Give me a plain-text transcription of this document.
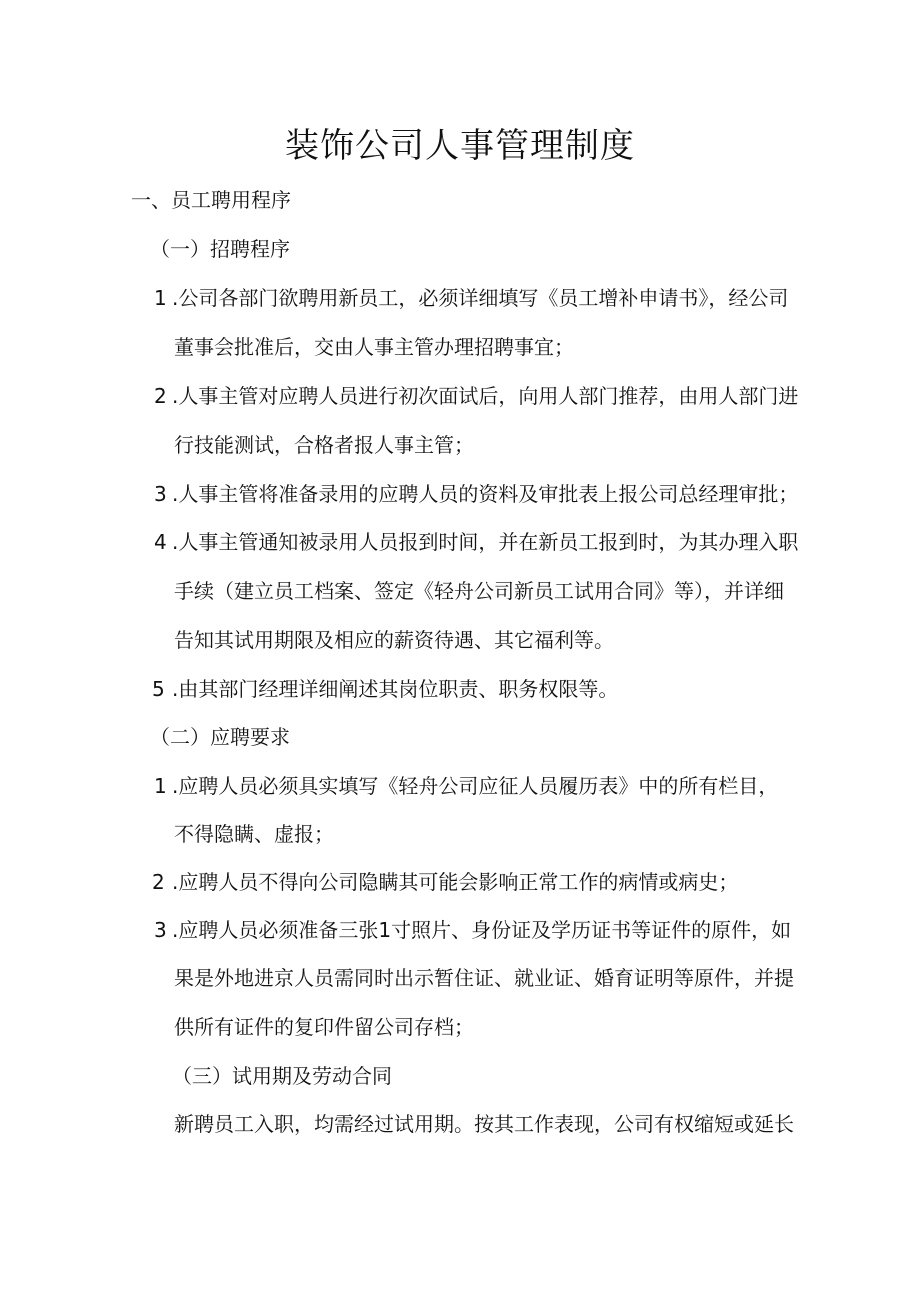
装饰公司人事管理制度
一、员工聘用程序
（一）招聘程序
1 .公司各部门欲聘用新员工，必须详细填写《员工增补申请书》，经公司
董事会批准后，交由人事主管办理招聘事宜；
2 .人事主管对应聘人员进行初次面试后，向用人部门推荐，由用人部门进
行技能测试，合格者报人事主管；
3 .人事主管将准备录用的应聘人员的资料及审批表上报公司总经理审批；
4 .人事主管通知被录用人员报到时间，并在新员工报到时，为其办理入职
手续（建立员工档案、签定《轻舟公司新员工试用合同》等），并详细
告知其试用期限及相应的薪资待遇、其它福利等。
5 .由其部门经理详细阐述其岗位职责、职务权限等。
（二）应聘要求
1 .应聘人员必须具实填写《轻舟公司应征人员履历表》中的所有栏目，
不得隐瞒、虚报；
2 .应聘人员不得向公司隐瞒其可能会影响正常工作的病情或病史；
3 .应聘人员必须准备三张1寸照片、身份证及学历证书等证件的原件，如
果是外地进京人员需同时出示暂住证、就业证、婚育证明等原件，并提
供所有证件的复印件留公司存档；
（三）试用期及劳动合同
新聘员工入职，均需经过试用期。按其工作表现，公司有权缩短或延长
